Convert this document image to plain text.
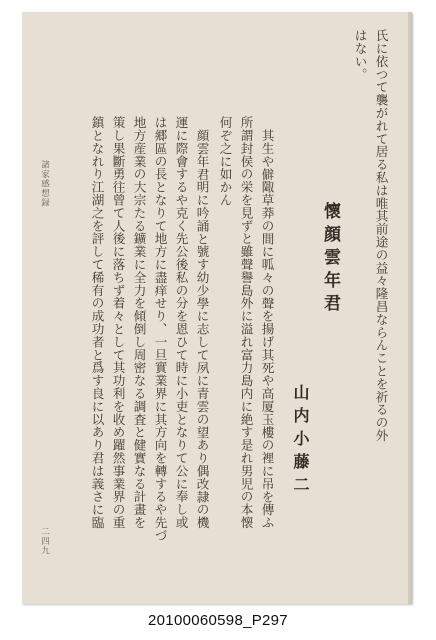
氏に依つて襲がれて居る私は唯其前途の益々隆昌ならんことを祈るの外
はない。
懷顔雲年君
山内小藤二
其生や僻陬草莽の間に呱々の聲を揚げ其死や高厦玉樓の裡に吊を傳ふ
所謂封侯の栄を見ずと雖聲譽島外に溢れ富力島内に絶す是れ男児の本懐
何ぞ之に如かん
顔雲年君明に吟誦と號す幼少學に志して夙に青雲の望あり偶改隷の機
運に際會するや克く先公後私の分を恩ひて時に小吏となりて公に奉し或
は郷區の長となりて地方に盡痒せり、一旦實業界に其方向を轉するや先づ
地方産業の大宗たる鑛業に全力を傾倒し周密なる調査と健實なる計畫を
策し果斷勇往曾て人後に落ちず着々として其功利を收め躍然事業界の重
鎮となれり江湖之を評して稀有の成功者と爲す良に以あり君は義さに臨
諸家感想録
二四九
20100060598_P297
